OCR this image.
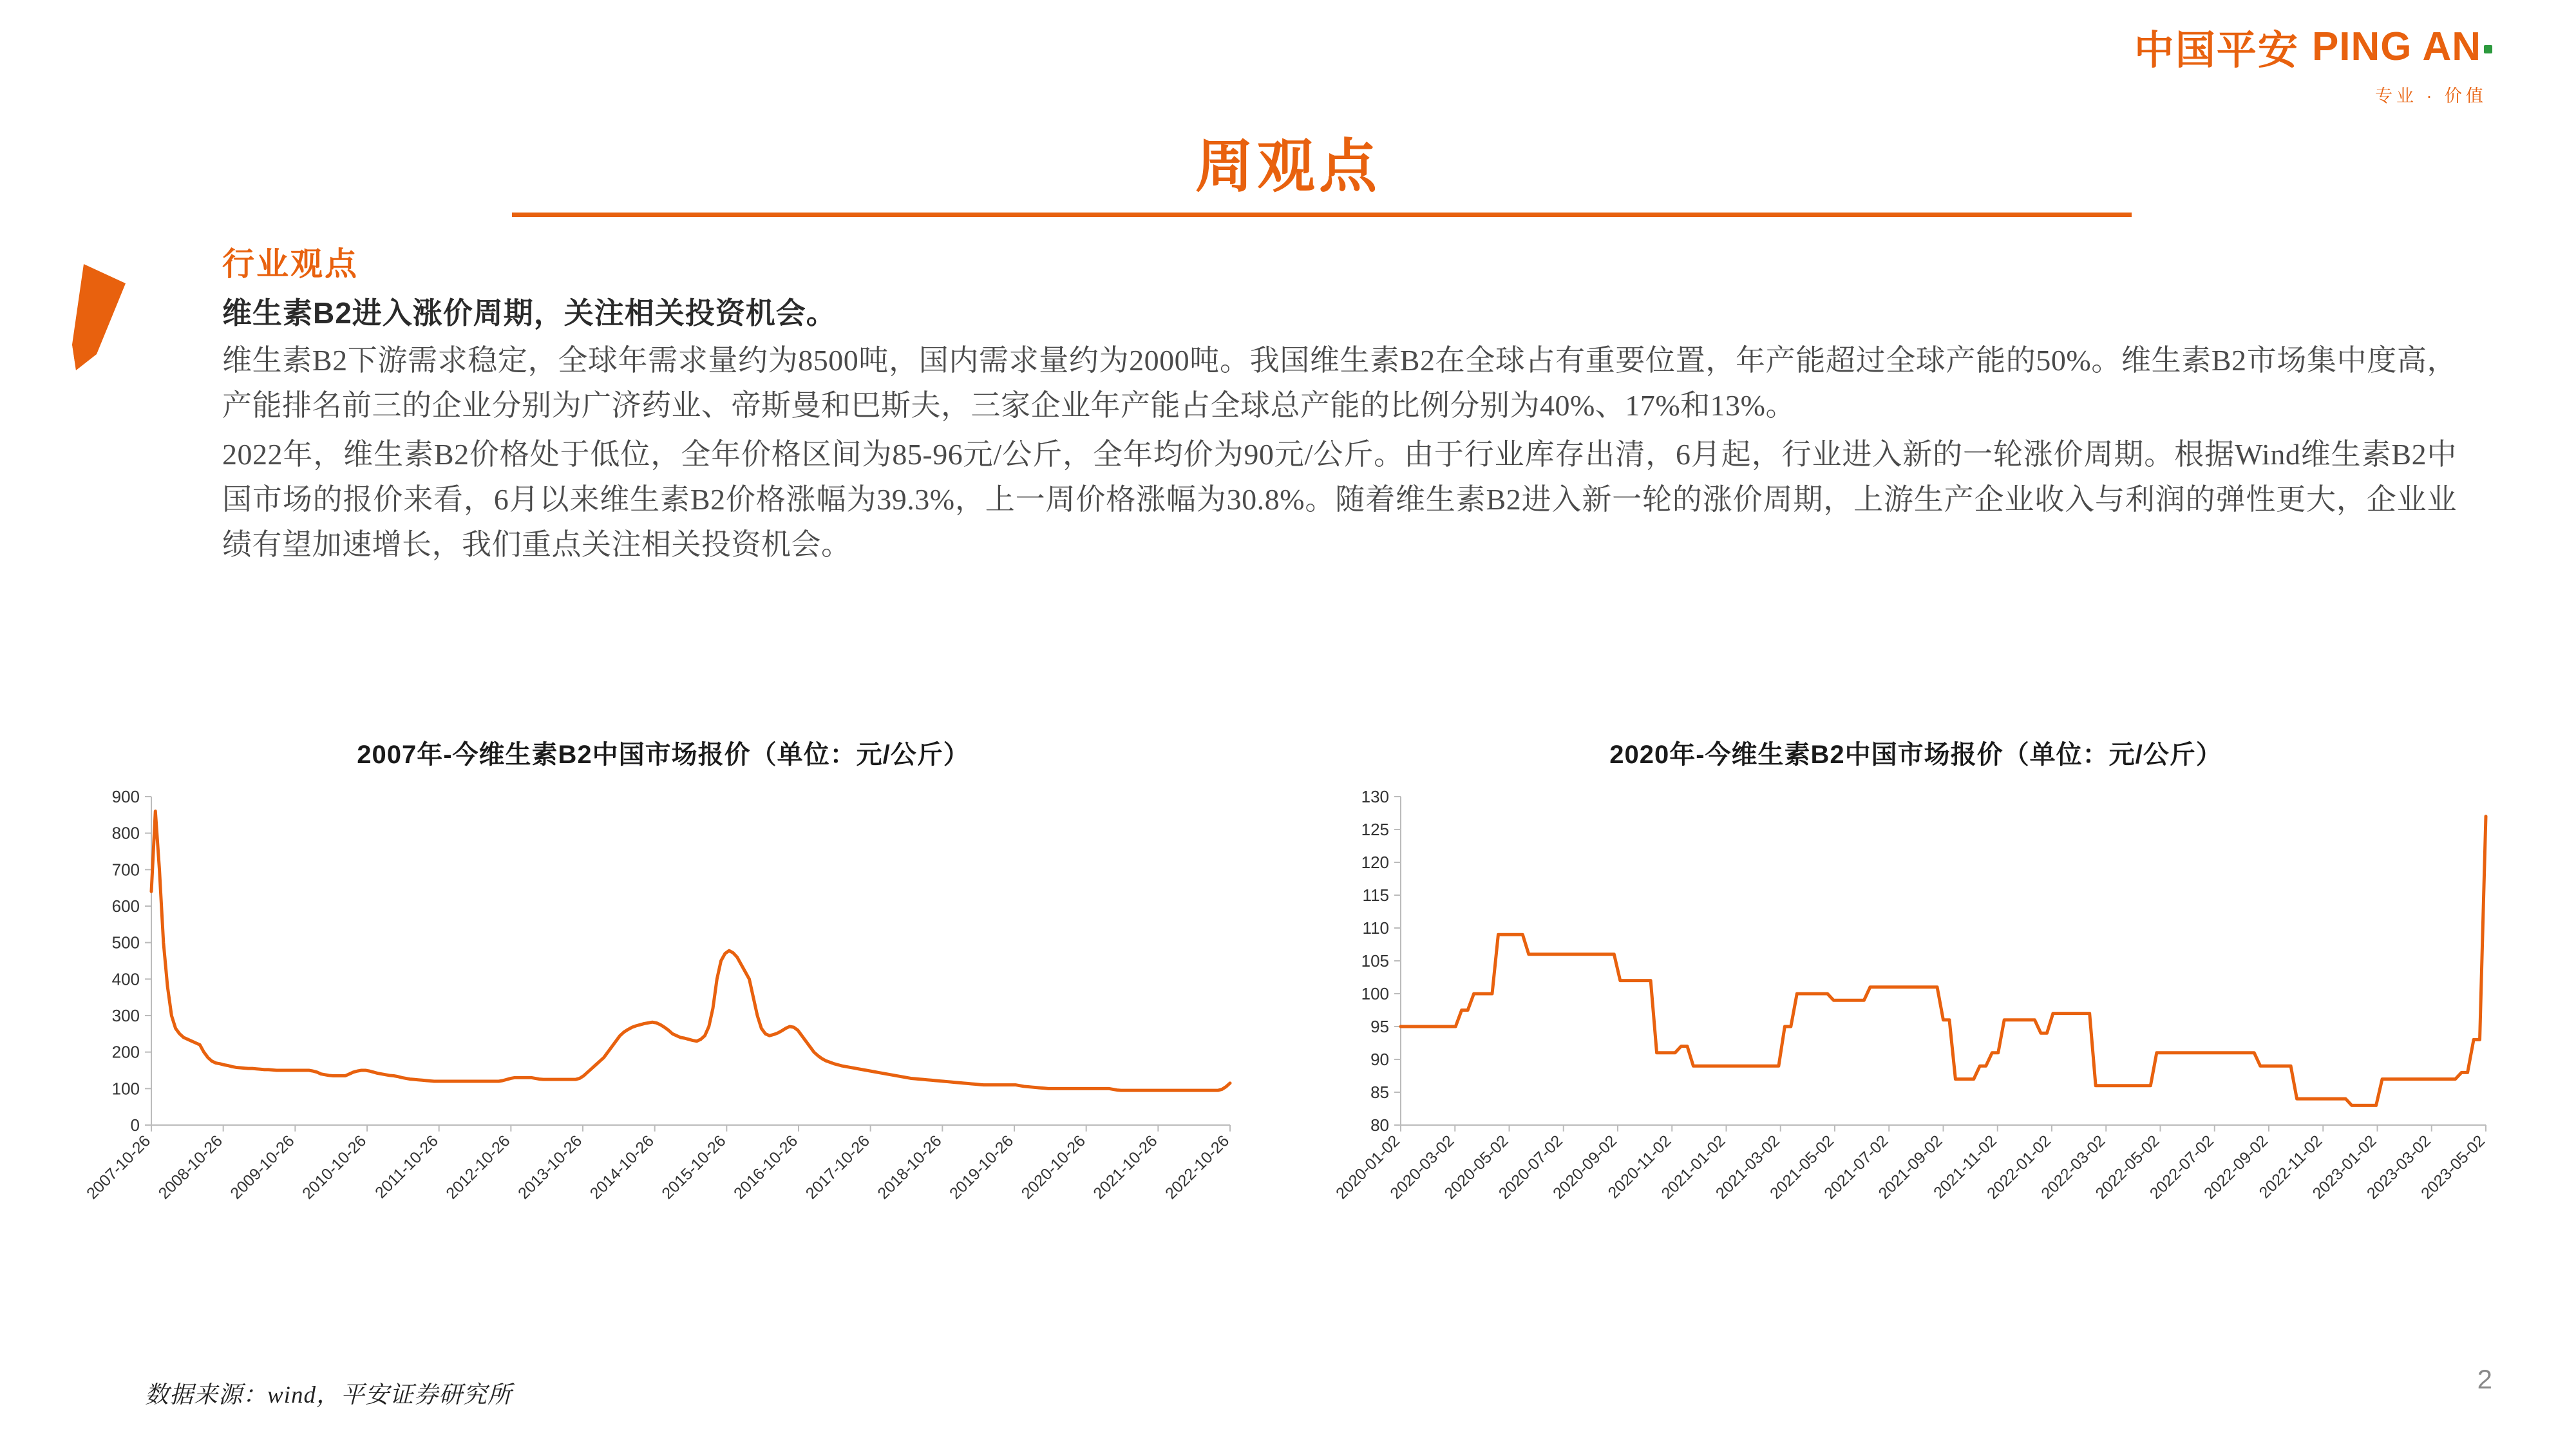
中国平安 PING AN
专业 · 价值
周观点
行业观点
维生素B2进入涨价周期，关注相关投资机会。

维生素B2下游需求稳定，全球年需求量约为8500吨，国内需求量约为2000吨。我国维生素B2在全球占有重要位置，年产能超过全球产能的50%。维生素B2市场集中度高，产能排名前三的企业分别为广济药业、帝斯曼和巴斯夫，三家企业年产能占全球总产能的比例分别为40%、17%和13%。

2022年，维生素B2价格处于低位，全年价格区间为85-96元/公斤，全年均价为90元/公斤。由于行业库存出清，6月起，行业进入新的一轮涨价周期。根据Wind维生素B2中国市场的报价来看，6月以来维生素B2价格涨幅为39.3%，上一周价格涨幅为30.8%。随着维生素B2进入新一轮的涨价周期，上游生产企业收入与利润的弹性更大，企业业绩有望加速增长，我们重点关注相关投资机会。

2007年-今维生素B2中国市场报价（单位：元/公斤）
0
100
200
300
400
500
600
700
800
900
2007-10-26 2008-10-26 2009-10-26 2010-10-26 2011-10-26 2012-10-26 2013-10-26 2014-10-26 2015-10-26 2016-10-26 2017-10-26 2018-10-26 2019-10-26 2020-10-26 2021-10-26 2022-10-26
2020年-今维生素B2中国市场报价（单位：元/公斤）
80
85
90
95
100
105
110
115
120
125
130
2020-01-02
2020-03-02
2020-05-02
2020-07-02
2020-09-02
2020-11-02
2021-01-02
2021-03-02
2021-05-02
2021-07-02
2021-09-02
2021-11-02
2022-01-02
2022-03-02
2022-05-02
2022-07-02
2022-09-02
2022-11-02
2023-01-02
2023-03-02
2023-05-02
数据来源：wind，平安证券研究所
2
